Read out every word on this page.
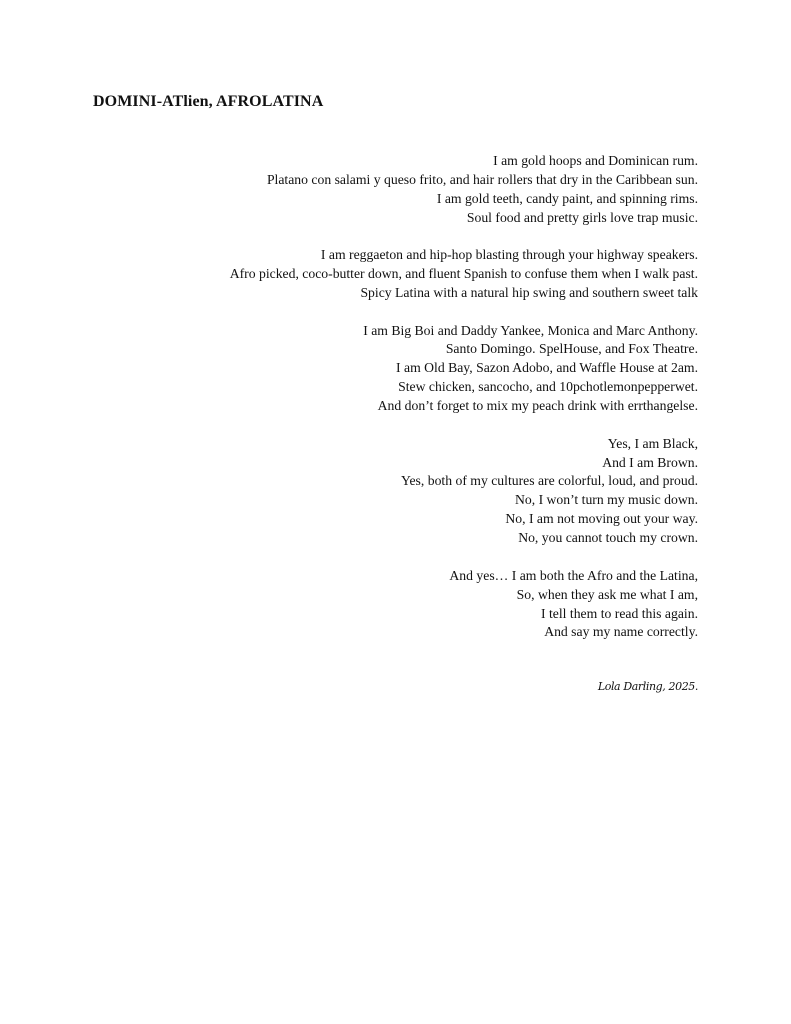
DOMINI-ATlien, AFROLATINA
I am gold hoops and Dominican rum.
Platano con salami y queso frito, and hair rollers that dry in the Caribbean sun.
I am gold teeth, candy paint, and spinning rims.
Soul food and pretty girls love trap music.
I am reggaeton and hip-hop blasting through your highway speakers.
Afro picked, coco-butter down, and fluent Spanish to confuse them when I walk past.
Spicy Latina with a natural hip swing and southern sweet talk
I am Big Boi and Daddy Yankee, Monica and Marc Anthony.
Santo Domingo. SpelHouse, and Fox Theatre.
I am Old Bay, Sazon Adobo, and Waffle House at 2am.
Stew chicken, sancocho, and 10pchotlemonpepperwet.
And don’t forget to mix my peach drink with errthangelse.
Yes, I am Black,
And I am Brown.
Yes, both of my cultures are colorful, loud, and proud.
No, I won’t turn my music down.
No, I am not moving out your way.
No, you cannot touch my crown.
And yes… I am both the Afro and the Latina,
So, when they ask me what I am,
I tell them to read this again.
And say my name correctly.
Lola Darling, 2025.
